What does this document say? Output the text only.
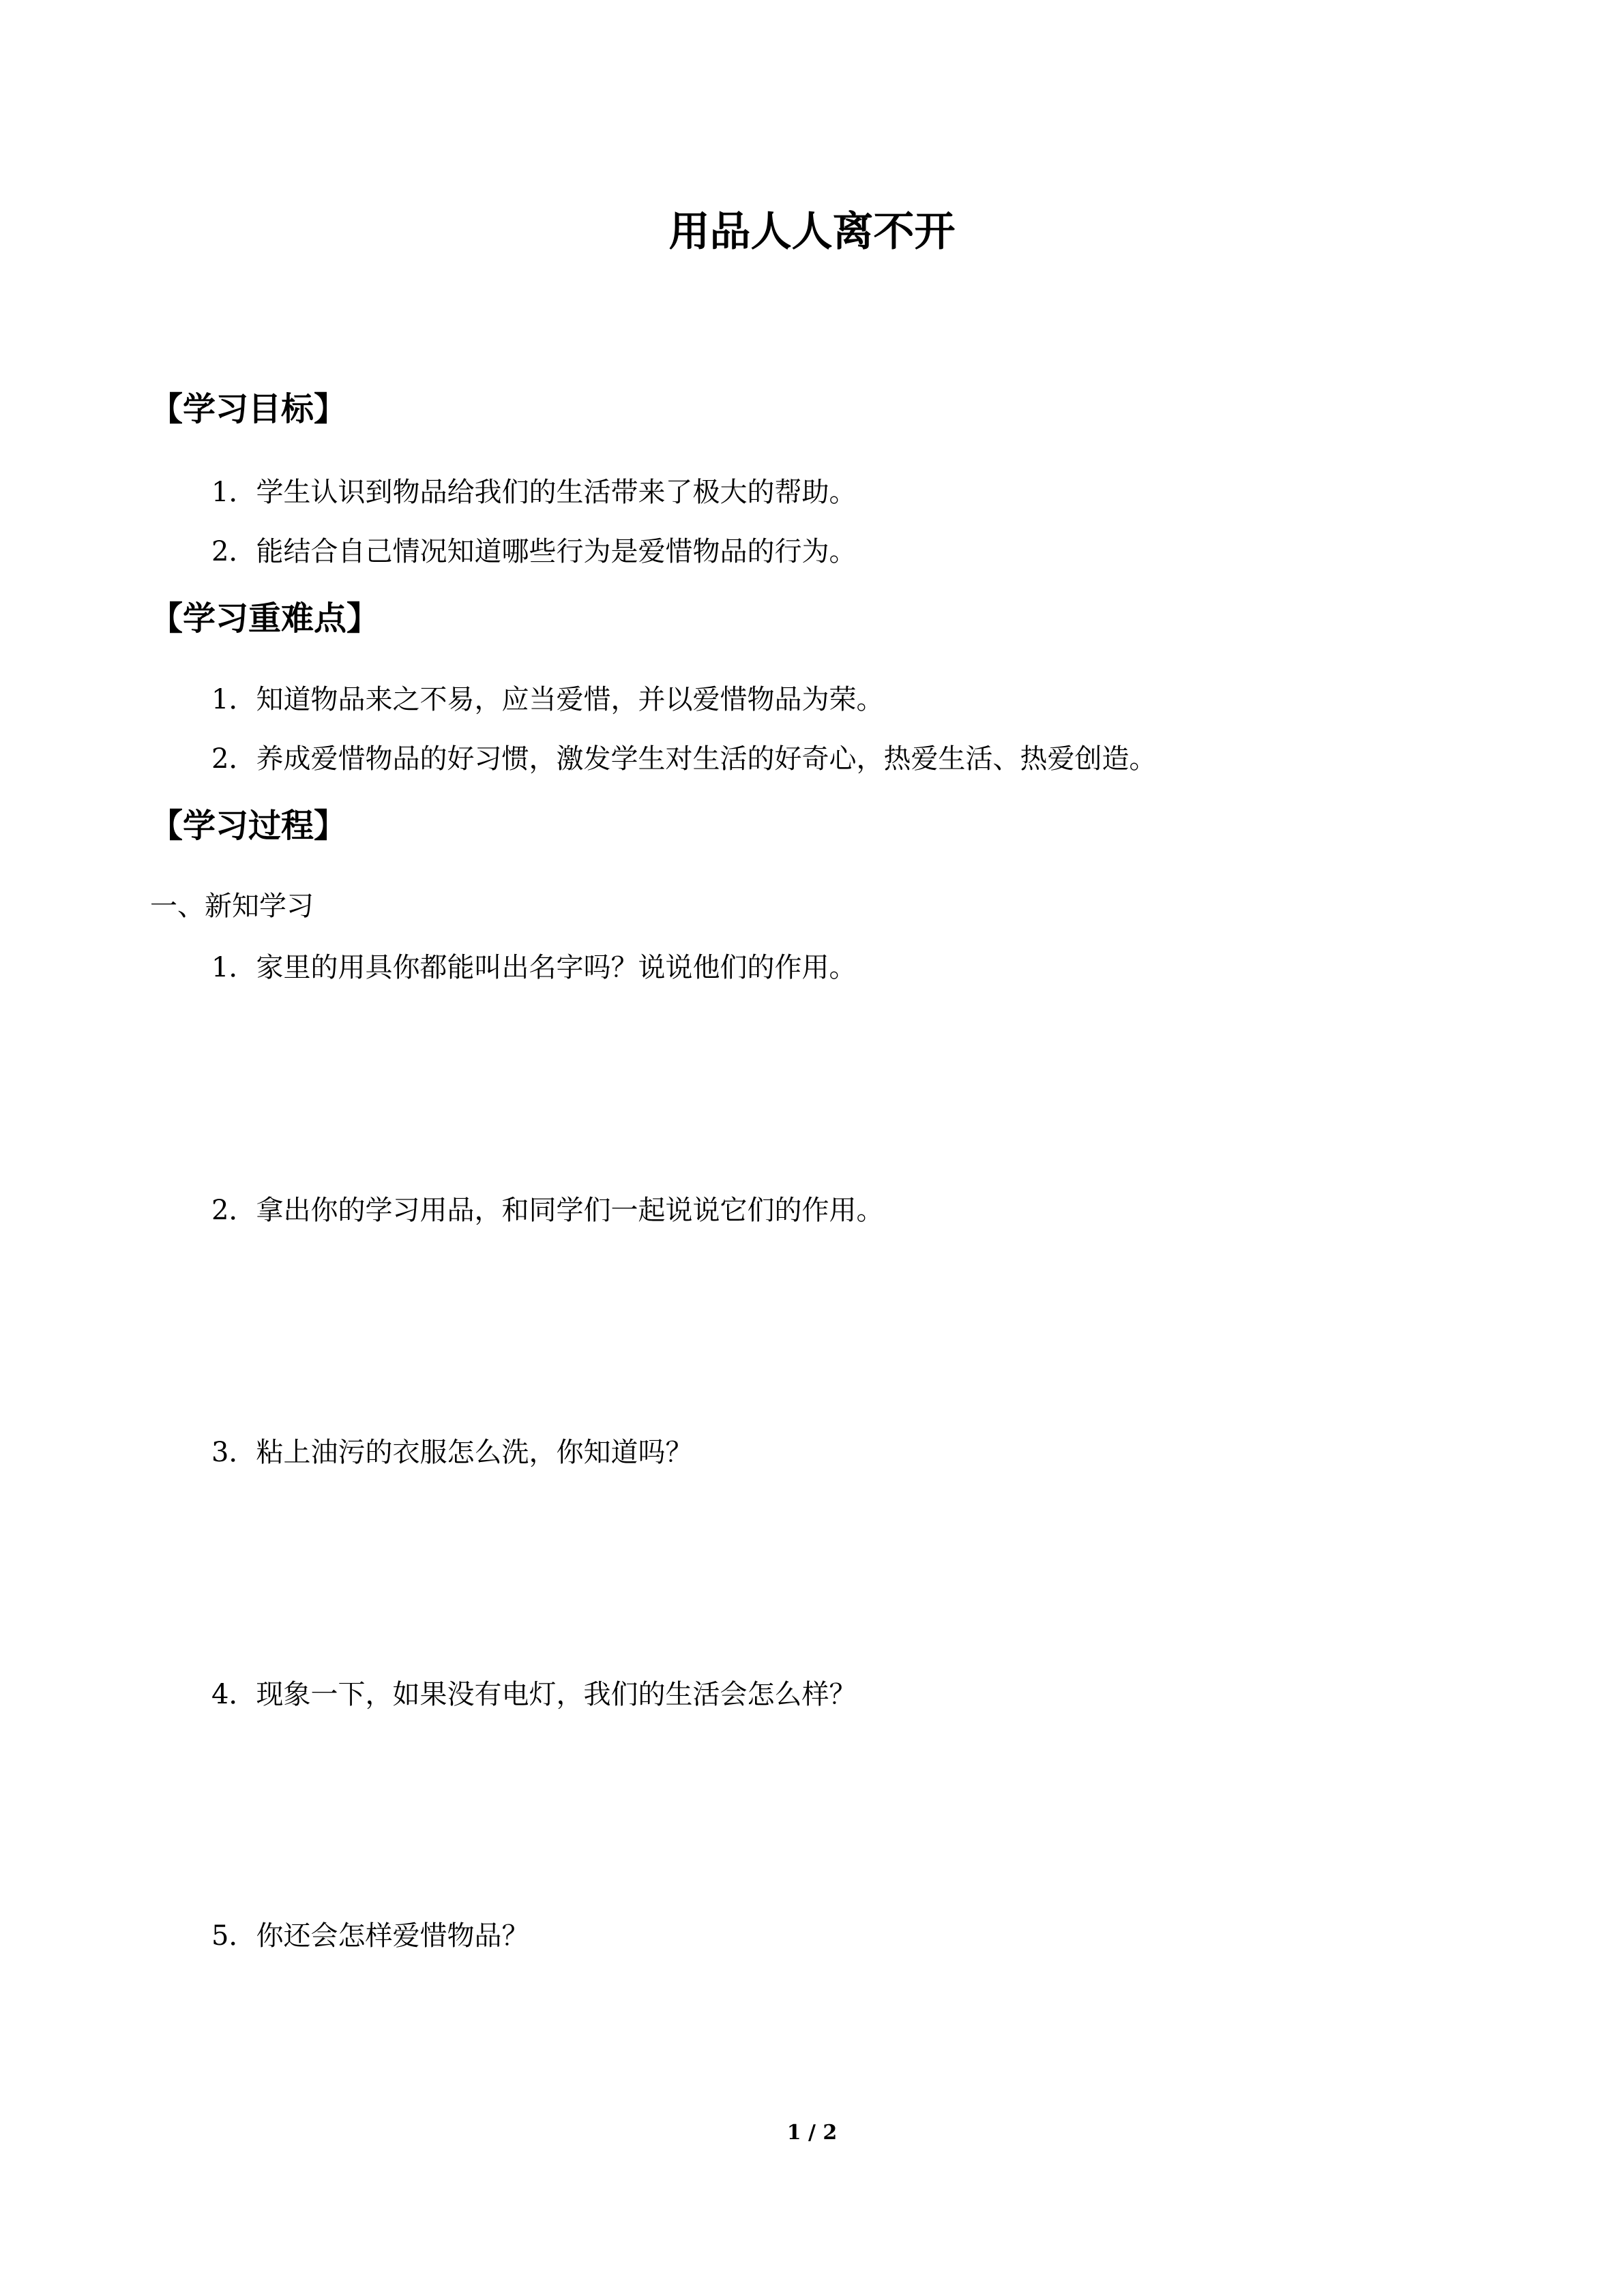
用品人人离不开
【学习目标】

1．学生认识到物品给我们的生活带来了极大的帮助。

2．能结合自己情况知道哪些行为是爱惜物品的行为。

【学习重难点】

1．知道物品来之不易，应当爱惜，并以爱惜物品为荣。

2．养成爱惜物品的好习惯，激发学生对生活的好奇心，热爱生活、热爱创造。

【学习过程】

一、新知学习

1．家里的用具你都能叫出名字吗？说说他们的作用。

2．拿出你的学习用品，和同学们一起说说它们的作用。

3．粘上油污的衣服怎么洗，你知道吗？

4．现象一下，如果没有电灯，我们的生活会怎么样？

5．你还会怎样爱惜物品？

1 / 2
